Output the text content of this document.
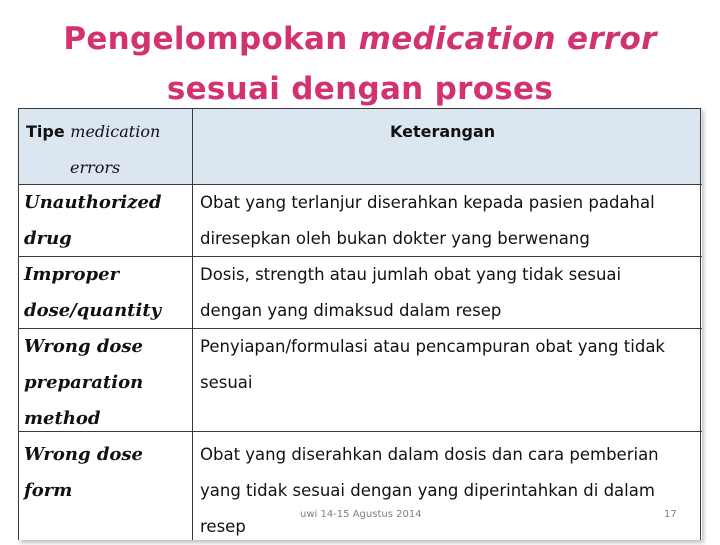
Pengelompokan medication error
sesuai dengan proses
Tipe medication
errors
Keterangan
Unauthorized
drug
Obat yang terlanjur diserahkan kepada pasien padahal
diresepkan oleh bukan dokter yang berwenang
Improper
dose/quantity
Dosis, strength atau jumlah obat yang tidak sesuai
dengan yang dimaksud dalam resep
Wrong dose
preparation
method
Penyiapan/formulasi atau pencampuran obat yang tidak
sesuai
Wrong dose
form
Obat yang diserahkan dalam dosis dan cara pemberian
yang tidak sesuai dengan yang diperintahkan di dalam
resep
uwi 14-15 Agustus 2014	17
